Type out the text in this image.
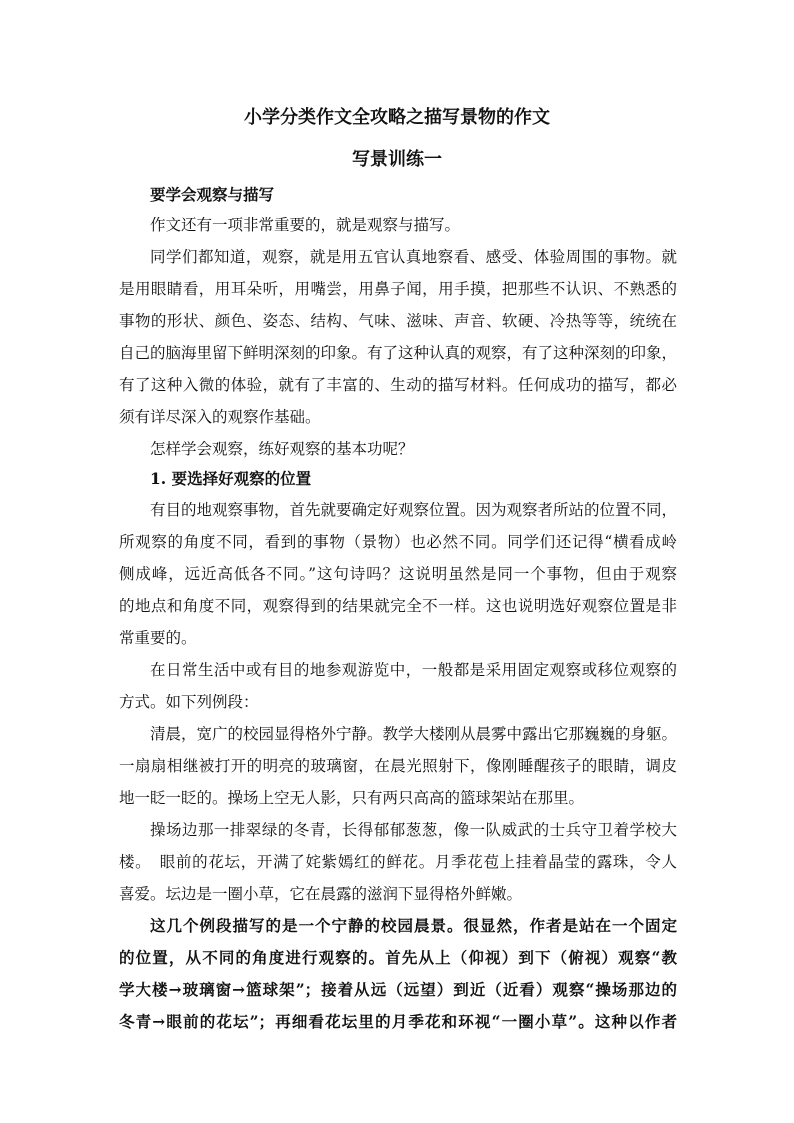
小学分类作文全攻略之描写景物的作文
写景训练一
要学会观察与描写
作文还有一项非常重要的，就是观察与描写。
同学们都知道，观察，就是用五官认真地察看、感受、体验周围的事物。就
是用眼睛看，用耳朵听，用嘴尝，用鼻子闻，用手摸，把那些不认识、不熟悉的
事物的形状、颜色、姿态、结构、气味、滋味、声音、软硬、冷热等等，统统在
自己的脑海里留下鲜明深刻的印象。有了这种认真的观察，有了这种深刻的印象，
有了这种入微的体验，就有了丰富的、生动的描写材料。任何成功的描写，都必
须有详尽深入的观察作基础。
怎样学会观察，练好观察的基本功呢？
1. 要选择好观察的位置
有目的地观察事物，首先就要确定好观察位置。因为观察者所站的位置不同，
所观察的角度不同，看到的事物（景物）也必然不同。同学们还记得“横看成岭
侧成峰，远近高低各不同。”这句诗吗？这说明虽然是同一个事物，但由于观察
的地点和角度不同，观察得到的结果就完全不一样。这也说明选好观察位置是非
常重要的。
在日常生活中或有目的地参观游览中，一般都是采用固定观察或移位观察的
方式。如下列例段：
清晨，宽广的校园显得格外宁静。教学大楼刚从晨雾中露出它那巍巍的身躯。
一扇扇相继被打开的明亮的玻璃窗，在晨光照射下，像刚睡醒孩子的眼睛，调皮
地一眨一眨的。操场上空无人影，只有两只高高的篮球架站在那里。
操场边那一排翠绿的冬青，长得郁郁葱葱，像一队威武的士兵守卫着学校大
楼。　眼前的花坛，开满了姹紫嫣红的鲜花。月季花苞上挂着晶莹的露珠，令人
喜爱。坛边是一圈小草，它在晨露的滋润下显得格外鲜嫩。
这几个例段描写的是一个宁静的校园晨景。很显然，作者是站在一个固定
的位置，从不同的角度进行观察的。首先从上（仰视）到下（俯视）观察“教
学大楼→玻璃窗→篮球架”；接着从远（远望）到近（近看）观察“操场那边的
冬青→眼前的花坛”；再细看花坛里的月季花和环视“一圈小草”。这种以作者
